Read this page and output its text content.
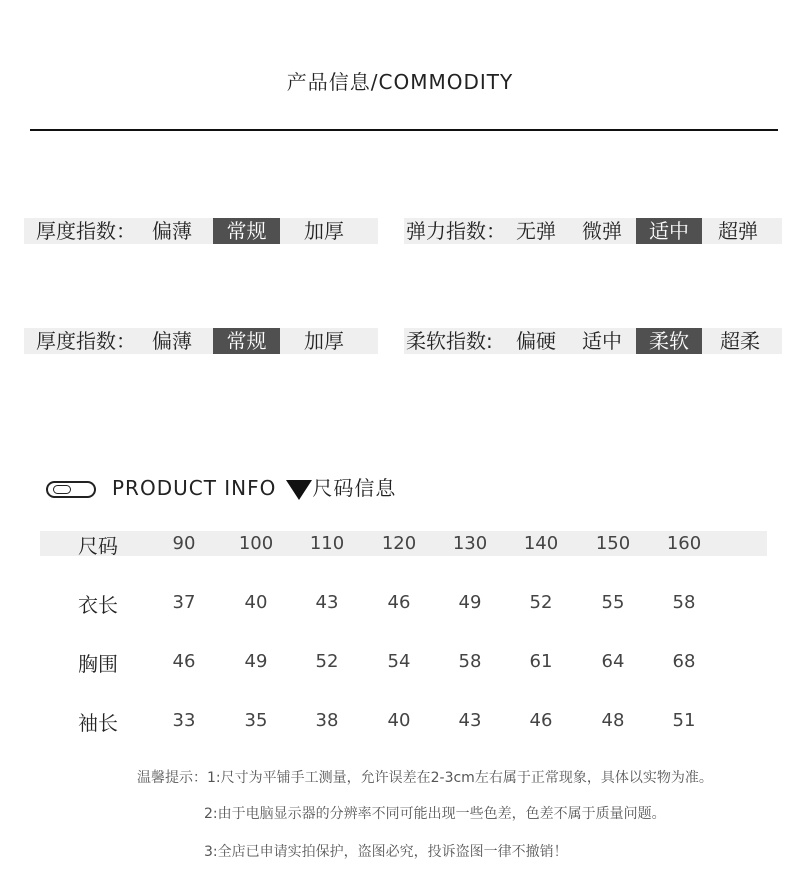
产品信息/COMMODITY
厚度指数： 偏薄	常规	加厚	弹力指数： 无弹 微弹	适中	超弹
厚度指数： 偏薄	常规	加厚	柔软指数: 偏硬 适中	柔软	超柔
PRODUCT INFO 尺码信息
温馨提示：1:尺寸为平铺手工测量，允许误差在2-3cm左右属于正常现象，具体以实物为准。
2:由于电脑显示器的分辨率不同可能出现一些色差，色差不属于质量问题。
3:全店已申请实拍保护，盗图必究，投诉盗图一律不撤销！
尺码	90	100	110	120	130	140	150	160
衣长	37	40	43	46	49	52	55	58
胸围	46	49	52	54	58	61	64	68
袖长	33	35	38	40	43	46	48	51
